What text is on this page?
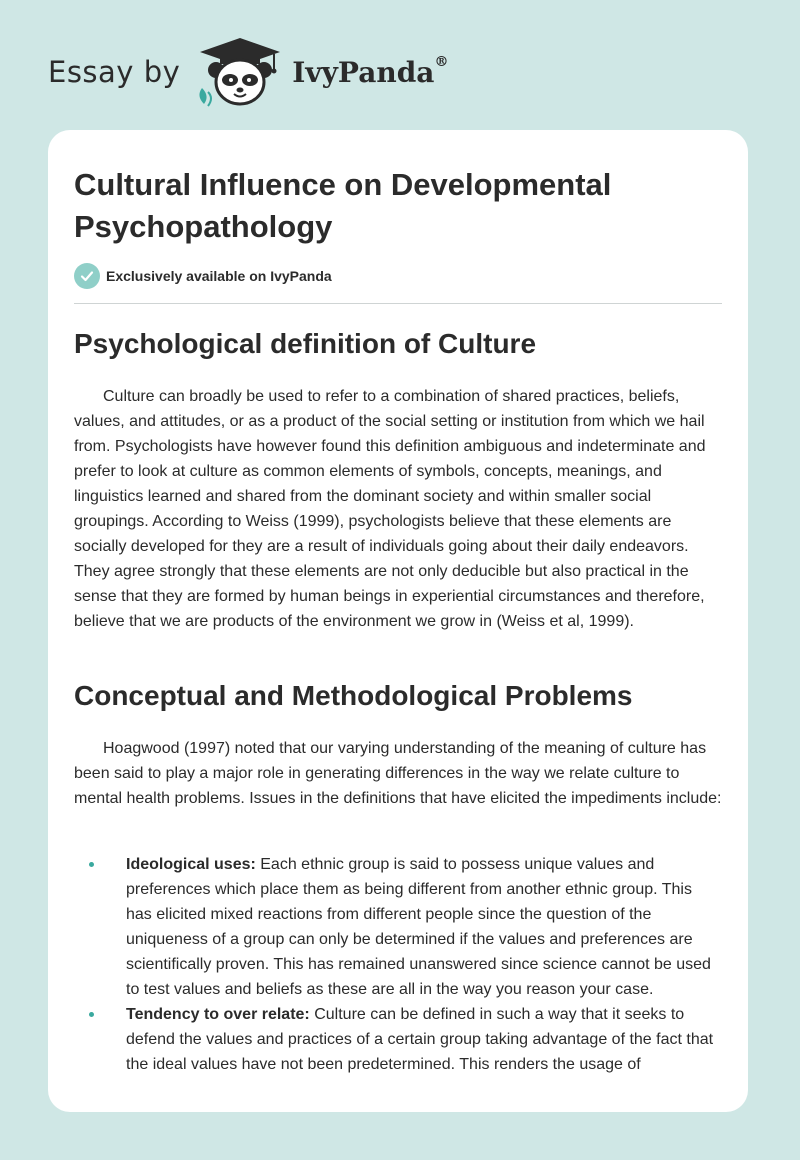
Essay by	IvyPanda®
Cultural Influence on Developmental Psychopathology
Exclusively available on IvyPanda
Psychological definition of Culture

Culture can broadly be used to refer to a combination of shared practices, beliefs, values, and attitudes, or as a product of the social setting or institution from which we hail from. Psychologists have however found this definition ambiguous and indeterminate and prefer to look at culture as common elements of symbols, concepts, meanings, and linguistics learned and shared from the dominant society and within smaller social groupings. According to Weiss (1999), psychologists believe that these elements are socially developed for they are a result of individuals going about their daily endeavors. They agree strongly that these elements are not only deducible but also practical in the sense that they are formed by human beings in experiential circumstances and therefore, believe that we are products of the environment we grow in (Weiss et al, 1999).

Conceptual and Methodological Problems

Hoagwood (1997) noted that our varying understanding of the meaning of culture has been said to play a major role in generating differences in the way we relate culture to mental health problems. Issues in the definitions that have elicited the impediments include:

Ideological uses: Each ethnic group is said to possess unique values and preferences which place them as being different from another ethnic group. This has elicited mixed reactions from different people since the question of the uniqueness of a group can only be determined if the values and preferences are scientifically proven. This has remained unanswered since science cannot be used to test values and beliefs as these are all in the way you reason your case.
Tendency to over relate: Culture can be defined in such a way that it seeks to defend the values and practices of a certain group taking advantage of the fact that the ideal values have not been predetermined. This renders the usage of
